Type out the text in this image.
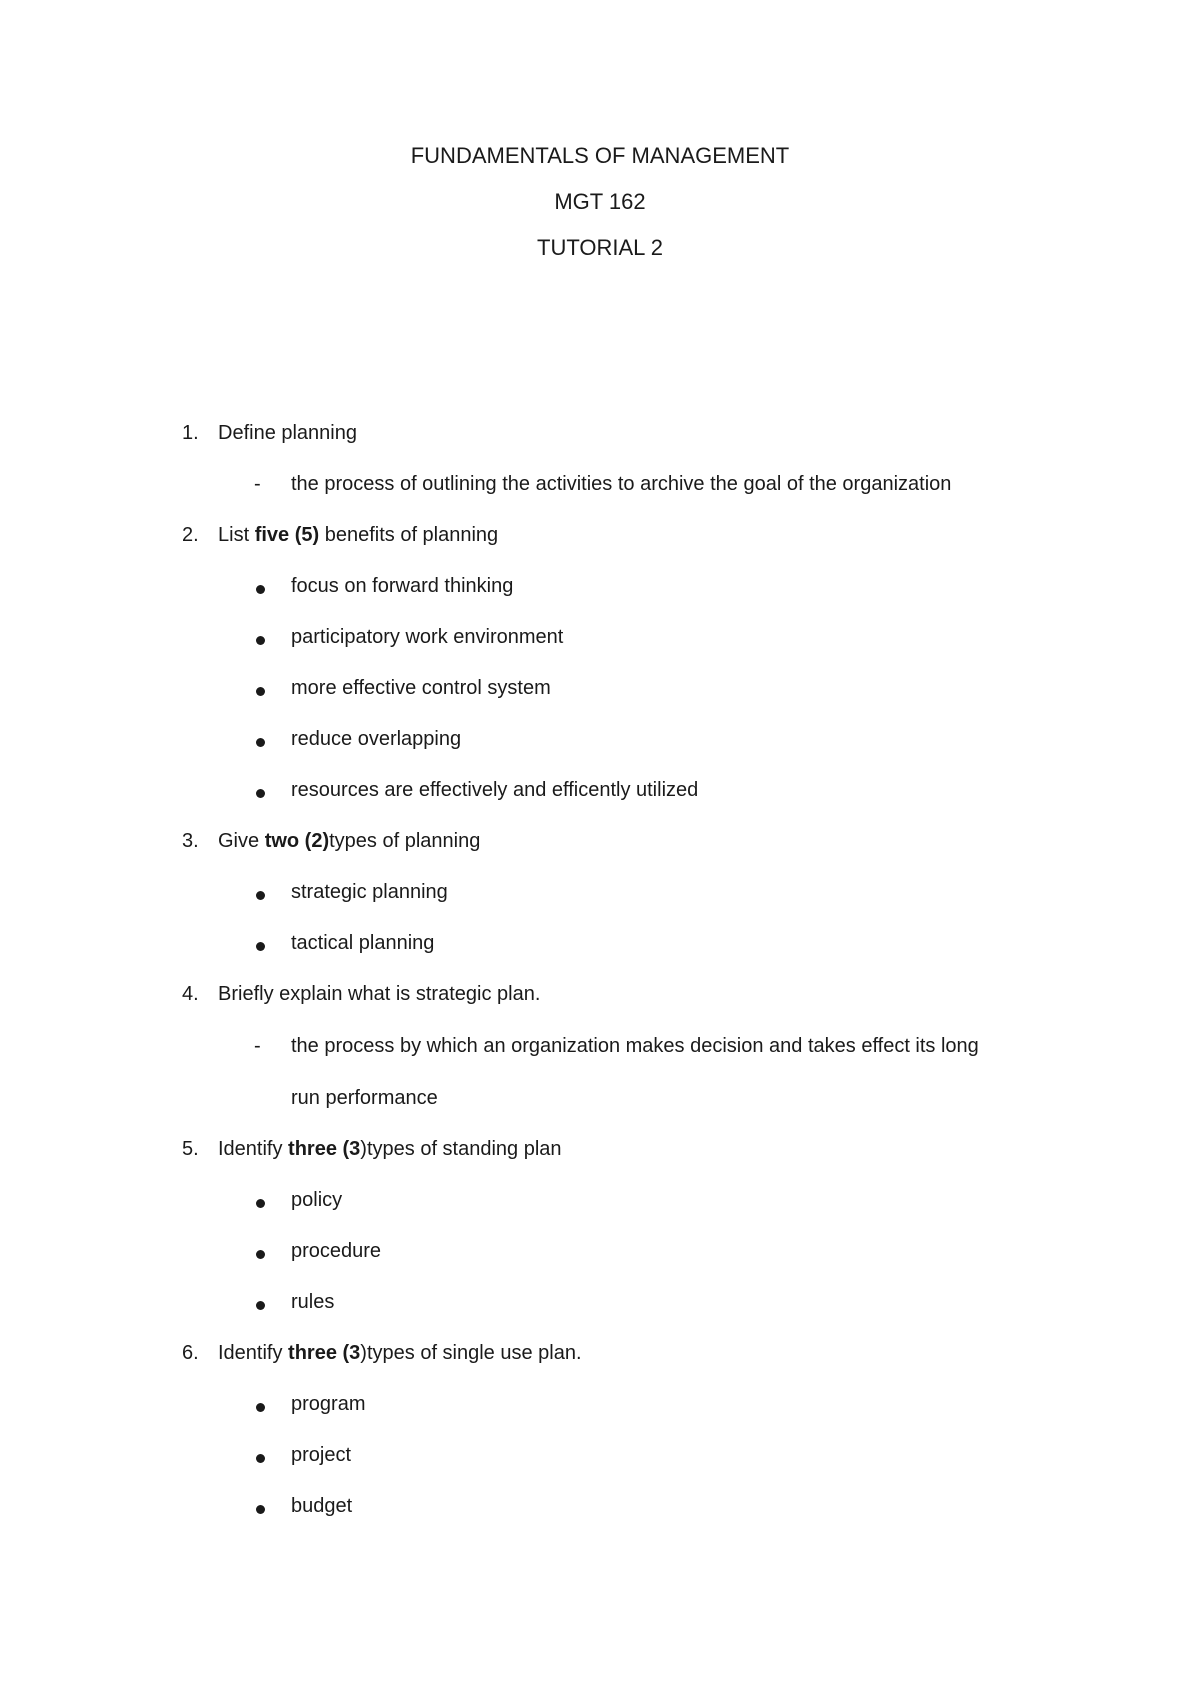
FUNDAMENTALS OF MANAGEMENT
MGT 162
TUTORIAL 2
1. Define planning
- the process of outlining the activities to archive the goal of the organization
2. List five (5) benefits of planning
focus on forward thinking
participatory work environment
more effective control system
reduce overlapping
resources are effectively and efficently utilized
3. Give two (2)types of planning
strategic planning
tactical planning
4. Briefly explain what is strategic plan.
- the process by which an organization makes decision and takes effect its long
run performance
5. Identify three (3)types of standing plan
policy
procedure
rules
6. Identify three (3)types of single use plan.
program
project
budget
